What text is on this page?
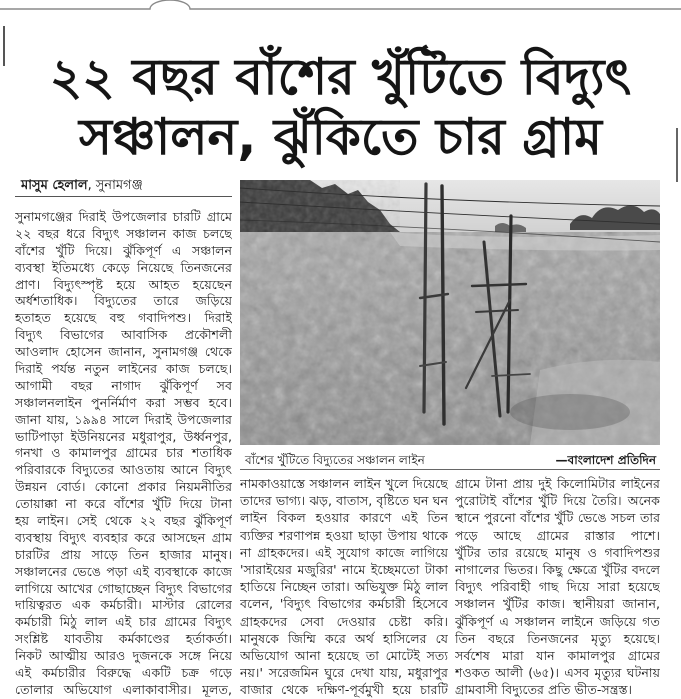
২২ বছর বাঁশের খুঁটিতে বিদ্যুৎ
সঞ্চালন, ঝুঁকিতে চার গ্রাম
মাসুম হেলাল, সুনামগঞ্জ
সুনামগঞ্জের দিরাই উপজেলার চারটি গ্রামে
২২ বছর ধরে বিদ্যুৎ সঞ্চালন কাজ চলছে
বাঁশের খুঁটি দিয়ে। ঝুঁকিপূর্ণ এ সঞ্চালন
ব্যবস্থা ইতিমধ্যে কেড়ে নিয়েছে তিনজনের
প্রাণ। বিদ্যুৎস্পৃষ্ট হয়ে আহত হয়েছেন
অর্ধশতাধিক। বিদ্যুতের তারে জড়িয়ে
হতাহত হয়েছে বহু গবাদিপশু। দিরাই
বিদ্যুৎ বিভাগের আবাসিক প্রকৌশলী
আওলাদ হোসেন জানান, সুনামগঞ্জ থেকে
দিরাই পর্যন্ত নতুন লাইনের কাজ চলছে।
আগামী বছর নাগাদ ঝুঁকিপূর্ণ সব
সঞ্চালনলাইন পুনর্নির্মাণ করা সম্ভব হবে।
জানা যায়, ১৯৯৪ সালে দিরাই উপজেলার
ভাটিপাড়া ইউনিয়নের মধুরাপুর, উর্ধ্বনপুর,
গনখা ও কামালপুর গ্রামের চার শতাধিক
পরিবারকে বিদ্যুতের আওতায় আনে বিদ্যুৎ
উন্নয়ন বোর্ড। কোনো প্রকার নিয়মনীতির
তোয়াক্কা না করে বাঁশের খুঁটি দিয়ে টানা
হয় লাইন। সেই থেকে ২২ বছর ঝুঁকিপূর্ণ
ব্যবস্থায় বিদ্যুৎ ব্যবহার করে আসছেন গ্রাম
চারটির প্রায় সাড়ে তিন হাজার মানুষ।
সঞ্চালনের ভেঙে পড়া এই ব্যবস্থাকে কাজে
লাগিয়ে আখের গোছাচ্ছেন বিদ্যুৎ বিভাগের
দায়িত্বরত এক কর্মচারী। মাস্টার রোলের
কর্মচারী মিঠু লাল এই চার গ্রামের বিদ্যুৎ
সংশ্লিষ্ট যাবতীয় কর্মকাণ্ডের হর্তাকর্তা।
নিকট আত্মীয় আরও দুজনকে সঙ্গে নিয়ে
এই কর্মচারীর বিরুদ্ধে একটি চক্র গড়ে
তোলার অভিযোগ এলাকাবাসীর। মূলত,
বাঁশের খুঁটিতে বিদ্যুতের সঞ্চালন লাইন	—বাংলাদেশ প্রতিদিন
নামকাওয়াস্তে সঞ্চালন লাইন খুলে দিয়েছে
তাদের ভাগ্য। ঝড়, বাতাস, বৃষ্টিতে ঘন ঘন
লাইন বিকল হওয়ার কারণে এই তিন
ব্যক্তির শরণাপন্ন হওয়া ছাড়া উপায় থাকে
না গ্রাহকদের। এই সুযোগ কাজে লাগিয়ে
'সারাইয়ের মজুরির' নামে ইচ্ছেমতো টাকা
হাতিয়ে নিচ্ছেন তারা। অভিযুক্ত মিঠু লাল
বলেন, 'বিদ্যুৎ বিভাগের কর্মচারী হিসেবে
গ্রাহকদের সেবা দেওয়ার চেষ্টা করি।
মানুষকে জিম্মি করে অর্থ হাসিলের যে
অভিযোগ আনা হয়েছে তা মোটেই সত্য
নয়।' সরেজমিন ঘুরে দেখা যায়, মধুরাপুর
বাজার থেকে দক্ষিণ-পূর্বমুখী হয়ে চারটি
গ্রামে টানা প্রায় দুই কিলোমিটার লাইনের
পুরোটাই বাঁশের খুঁটি দিয়ে তৈরি। অনেক
স্থানে পুরনো বাঁশের খুঁটি ভেঙে সচল তার
পড়ে আছে গ্রামের রাস্তার পাশে।
খুঁটির তার রয়েছে মানুষ ও গবাদিপশুর
নাগালের ভিতর। কিছু ক্ষেত্রে খুঁটির বদলে
বিদ্যুৎ পরিবাহী গাছ দিয়ে সারা হয়েছে
সঞ্চালন খুঁটির কাজ। স্থানীয়রা জানান,
ঝুঁকিপূর্ণ এ সঞ্চালন লাইনে জড়িয়ে গত
তিন বছরে তিনজনের মৃত্যু হয়েছে।
সর্বশেষ মারা যান কামালপুর গ্রামের
শওকত আলী (৬৫)। এসব মৃত্যুর ঘটনায়
গ্রামবাসী বিদ্যুতের প্রতি ভীত-সন্ত্রস্ত।
